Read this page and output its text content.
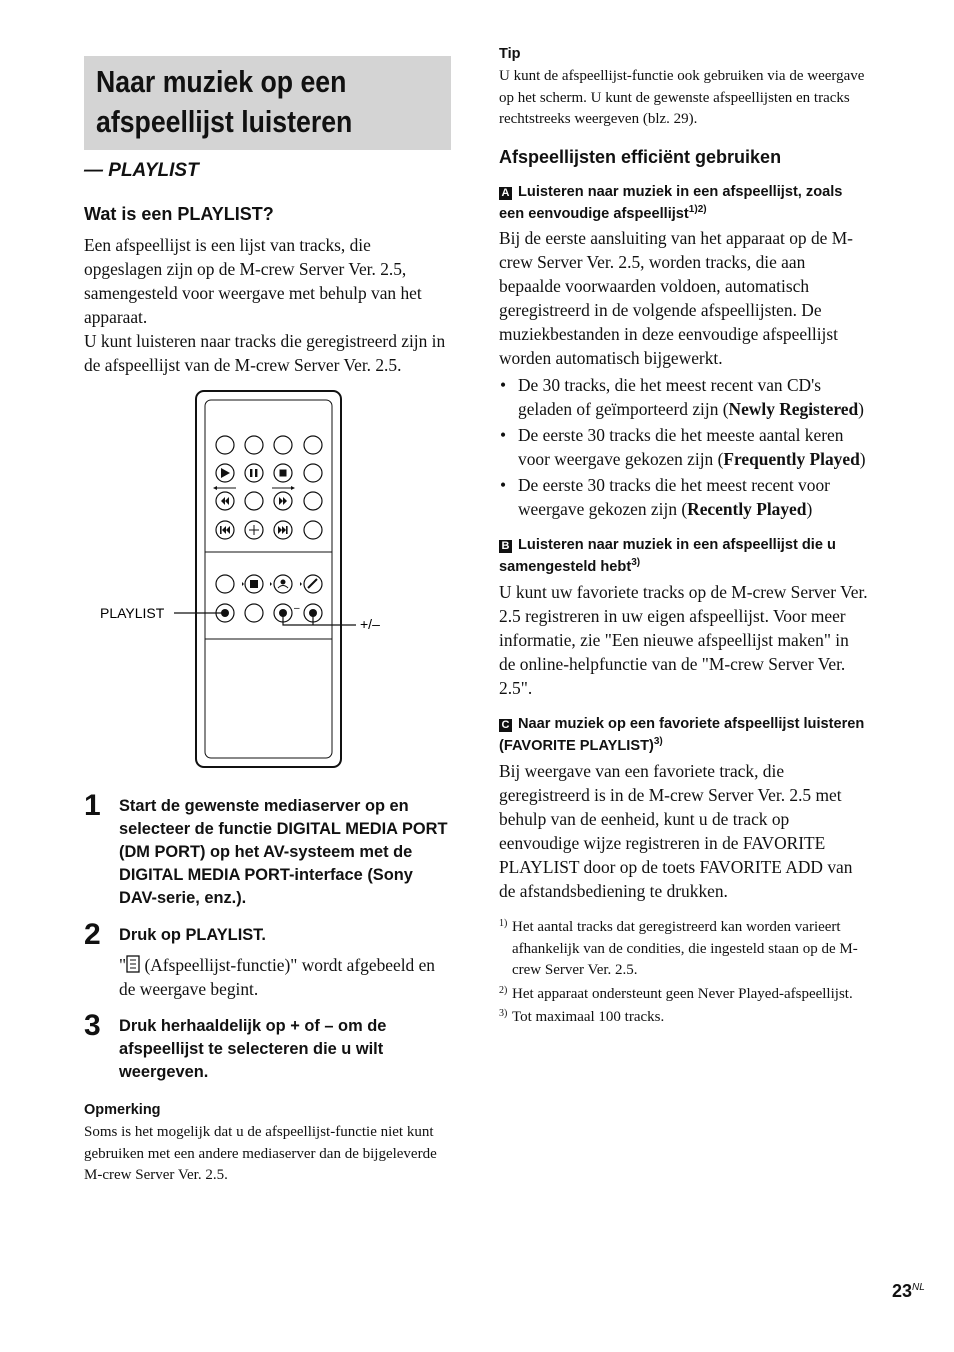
Naar muziek op een
afspeellijst luisteren
— PLAYLIST
Wat is een PLAYLIST?

Een afspeellijst is een lijst van tracks, die opgeslagen zijn op de M-crew Server Ver. 2.5, samengesteld voor weergave met behulp van het apparaat.

U kunt luisteren naar tracks die geregistreerd zijn in de afspeellijst van de M-crew Server Ver. 2.5.

–
PLAYLIST
+/–
1 Start de gewenste mediaserver op en selecteer de functie DIGITAL MEDIA PORT (DM PORT) op het AV-systeem met de DIGITAL MEDIA PORT-interface (Sony DAV-serie, enz.).
2 Druk op PLAYLIST.

" (Afspeellijst-functie)" wordt afgebeeld en de weergave begint.

3 Druk herhaaldelijk op + of – om de afspeellijst te selecteren die u wilt weergeven.
Opmerking

Soms is het mogelijk dat u de afspeellijst-functie niet kunt gebruiken met een andere mediaserver dan de bijgeleverde M-crew Server Ver. 2.5.

Tip

U kunt de afspeellijst-functie ook gebruiken via de weergave op het scherm. U kunt de gewenste afspeellijsten en tracks rechtstreeks weergeven (blz. 29).

Afspeellijsten efficiënt gebruiken
A Luisteren naar muziek in een afspeellijst, zoals een eenvoudige afspeellijst$^{1)2)}$

Bij de eerste aansluiting van het apparaat op de M-crew Server Ver. 2.5, worden tracks, die aan bepaalde voorwaarden voldoen, automatisch geregistreerd in de volgende afspeellijsten. De muziekbestanden in deze eenvoudige afspeellijst worden automatisch bijgewerkt.

• De 30 tracks, die het meest recent van CD's geladen of geïmporteerd zijn (Newly Registered)
• De eerste 30 tracks die het meeste aantal keren voor weergave gekozen zijn (Frequently Played)
• De eerste 30 tracks die het meest recent voor weergave gekozen zijn (Recently Played)
B Luisteren naar muziek in een afspeellijst die u samengesteld hebt$^{3)}$

U kunt uw favoriete tracks op de M-crew Server Ver. 2.5 registreren in uw eigen afspeellijst. Voor meer informatie, zie "Een nieuwe afspeellijst maken" in de online-helpfunctie van de "M-crew Server Ver. 2.5".

C Naar muziek op een favoriete afspeellijst luisteren (FAVORITE PLAYLIST)$^{3)}$

Bij weergave van een favoriete track, die geregistreerd is in de M-crew Server Ver. 2.5 met behulp van de eenheid, kunt u de track op eenvoudige wijze registreren in de FAVORITE PLAYLIST door op de toets FAVORITE ADD van de afstandsbediening te drukken.

1) Het aantal tracks dat geregistreerd kan worden varieert afhankelijk van de condities, die ingesteld staan op de M-crew Server Ver. 2.5.
2) Het apparaat ondersteunt geen Never Played-afspeellijst.
3) Tot maximaal 100 tracks.
$23^{NL}$
